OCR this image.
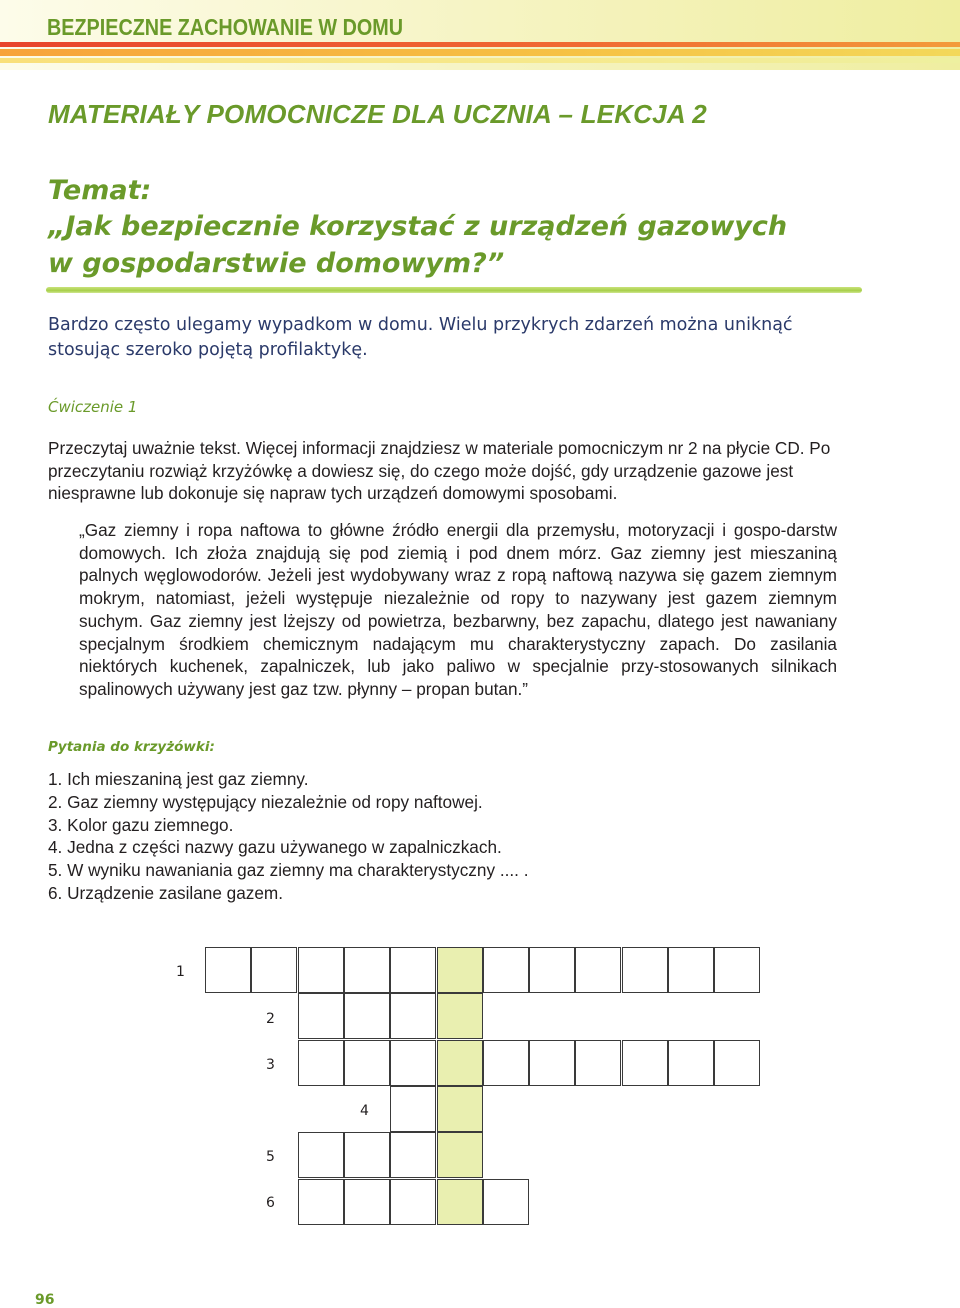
BEZPIECZNE ZACHOWANIE W DOMU
MATERIAŁY POMOCNICZE DLA UCZNIA – LEKCJA 2

Temat:

„Jak bezpiecznie korzystać z urządzeń gazowych

w gospodarstwie domowym?”

Bardzo często ulegamy wypadkom w domu. Wielu przykrych zdarzeń można uniknąć
stosując szeroko pojętą profilaktykę.

Ćwiczenie 1

Przeczytaj uważnie tekst. Więcej informacji znajdziesz w materiale pomocniczym nr 2 na płycie CD. Po przeczytaniu rozwiąż krzyżówkę a dowiesz się, do czego może dojść, gdy urządzenie gazowe jest niesprawne lub dokonuje się napraw tych urządzeń domowymi sposobami.

„Gaz ziemny i ropa naftowa to główne źródło energii dla przemysłu, motoryzacji i gospo-darstw domowych. Ich złoża znajdują się pod ziemią i pod dnem mórz. Gaz ziemny jest mieszaniną palnych węglowodorów. Jeżeli jest wydobywany wraz z ropą naftową nazywa się gazem ziemnym mokrym, natomiast, jeżeli występuje niezależnie od ropy to nazywany jest gazem ziemnym suchym. Gaz ziemny jest lżejszy od powietrza, bezbarwny, bez zapachu, dlatego jest nawaniany specjalnym środkiem chemicznym nadającym mu charakterystyczny zapach. Do zasilania niektórych kuchenek, zapalniczek, lub jako paliwo w specjalnie przy-stosowanych silnikach spalinowych używany jest gaz tzw. płynny – propan butan.”

Pytania do krzyżówki:

1. Ich mieszaniną jest gaz ziemny.
2. Gaz ziemny występujący niezależnie od ropy naftowej.
3. Kolor gazu ziemnego.
4. Jedna z części nazwy gazu używanego w zapalniczkach.
5. W wyniku nawaniania gaz ziemny ma charakterystyczny .... .
6. Urządzenie zasilane gazem.
1
2
3
4
5
6

96
